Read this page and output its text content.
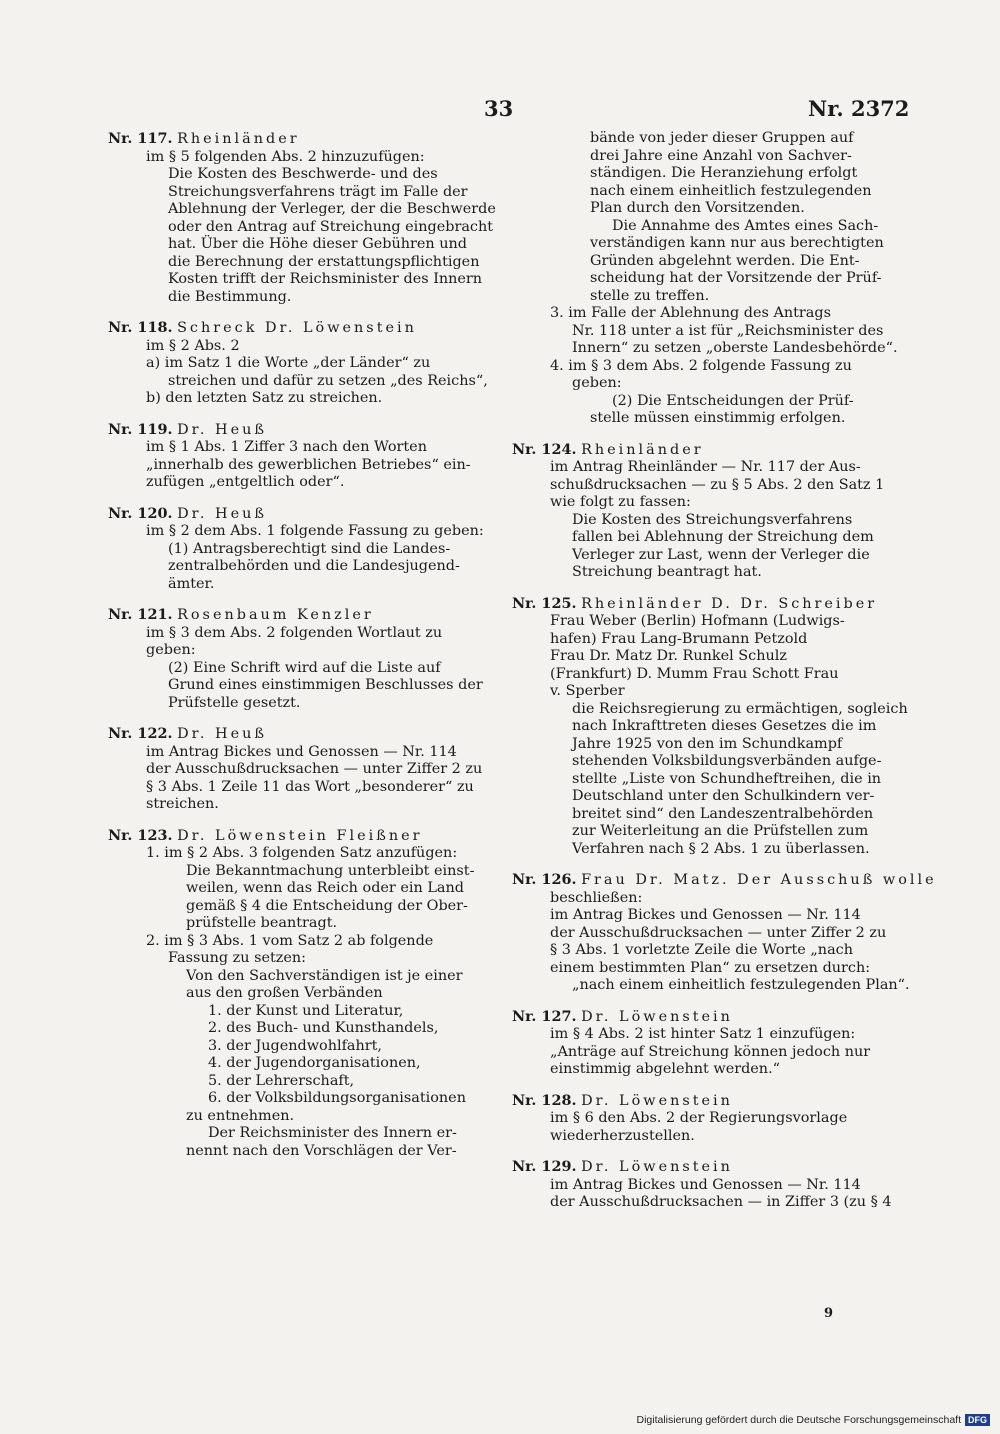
33	Nr. 2372
Nr. 117. Rheinländer
im § 5 folgenden Abs. 2 hinzuzufügen:
Die Kosten des Beschwerde- und des
Streichungsverfahrens trägt im Falle der
Ablehnung der Verleger, der die Beschwerde
oder den Antrag auf Streichung eingebracht
hat. Über die Höhe dieser Gebühren und
die Berechnung der erstattungspflichtigen
Kosten trifft der Reichsminister des Innern
die Bestimmung.
Nr. 118. Schreck Dr. Löwenstein
im § 2 Abs. 2
a) im Satz 1 die Worte „der Länder“ zu
streichen und dafür zu setzen „des Reichs“,
b) den letzten Satz zu streichen.
Nr. 119. Dr. Heuß
im § 1 Abs. 1 Ziffer 3 nach den Worten
„innerhalb des gewerblichen Betriebes“ ein-
zufügen „entgeltlich oder“.
Nr. 120. Dr. Heuß
im § 2 dem Abs. 1 folgende Fassung zu geben:
(1) Antragsberechtigt sind die Landes-
zentralbehörden und die Landesjugend-
ämter.
Nr. 121. Rosenbaum Kenzler
im § 3 dem Abs. 2 folgenden Wortlaut zu
geben:
(2) Eine Schrift wird auf die Liste auf
Grund eines einstimmigen Beschlusses der
Prüfstelle gesetzt.
Nr. 122. Dr. Heuß
im Antrag Bickes und Genossen — Nr. 114
der Ausschußdrucksachen — unter Ziffer 2 zu
§ 3 Abs. 1 Zeile 11 das Wort „besonderer“ zu
streichen.
Nr. 123. Dr. Löwenstein Fleißner
1. im § 2 Abs. 3 folgenden Satz anzufügen:
Die Bekanntmachung unterbleibt einst-
weilen, wenn das Reich oder ein Land
gemäß § 4 die Entscheidung der Ober-
prüfstelle beantragt.
2. im § 3 Abs. 1 vom Satz 2 ab folgende
Fassung zu setzen:
Von den Sachverständigen ist je einer
aus den großen Verbänden
1. der Kunst und Literatur,
2. des Buch- und Kunsthandels,
3. der Jugendwohlfahrt,
4. der Jugendorganisationen,
5. der Lehrerschaft,
6. der Volksbildungsorganisationen
zu entnehmen.
Der Reichsminister des Innern er-
nennt nach den Vorschlägen der Ver-
bände von jeder dieser Gruppen auf
drei Jahre eine Anzahl von Sachver-
ständigen. Die Heranziehung erfolgt
nach einem einheitlich festzulegenden
Plan durch den Vorsitzenden.
Die Annahme des Amtes eines Sach-
verständigen kann nur aus berechtigten
Gründen abgelehnt werden. Die Ent-
scheidung hat der Vorsitzende der Prüf-
stelle zu treffen.
3. im Falle der Ablehnung des Antrags
Nr. 118 unter a ist für „Reichsminister des
Innern“ zu setzen „oberste Landesbehörde“.
4. im § 3 dem Abs. 2 folgende Fassung zu
geben:
(2) Die Entscheidungen der Prüf-
stelle müssen einstimmig erfolgen.
Nr. 124. Rheinländer
im Antrag Rheinländer — Nr. 117 der Aus-
schußdrucksachen — zu § 5 Abs. 2 den Satz 1
wie folgt zu fassen:
Die Kosten des Streichungsverfahrens
fallen bei Ablehnung der Streichung dem
Verleger zur Last, wenn der Verleger die
Streichung beantragt hat.
Nr. 125. Rheinländer D. Dr. Schreiber
Frau Weber (Berlin) Hofmann (Ludwigs-
hafen) Frau Lang-Brumann Petzold
Frau Dr. Matz Dr. Runkel Schulz
(Frankfurt) D. Mumm Frau Schott Frau
v. Sperber
die Reichsregierung zu ermächtigen, sogleich
nach Inkrafttreten dieses Gesetzes die im
Jahre 1925 von den im Schundkampf
stehenden Volksbildungsverbänden aufge-
stellte „Liste von Schundheftreihen, die in
Deutschland unter den Schulkindern ver-
breitet sind“ den Landeszentralbehörden
zur Weiterleitung an die Prüfstellen zum
Verfahren nach § 2 Abs. 1 zu überlassen.
Nr. 126. Frau Dr. Matz. Der Ausschuß wolle
beschließen:
im Antrag Bickes und Genossen — Nr. 114
der Ausschußdrucksachen — unter Ziffer 2 zu
§ 3 Abs. 1 vorletzte Zeile die Worte „nach
einem bestimmten Plan“ zu ersetzen durch:
„nach einem einheitlich festzulegenden Plan“.
Nr. 127. Dr. Löwenstein
im § 4 Abs. 2 ist hinter Satz 1 einzufügen:
„Anträge auf Streichung können jedoch nur
einstimmig abgelehnt werden.“
Nr. 128. Dr. Löwenstein
im § 6 den Abs. 2 der Regierungsvorlage
wiederherzustellen.
Nr. 129. Dr. Löwenstein
im Antrag Bickes und Genossen — Nr. 114
der Ausschußdrucksachen — in Ziffer 3 (zu § 4
9
Digitalisierung gefördert durch die Deutsche Forschungsgemeinschaft DFG
